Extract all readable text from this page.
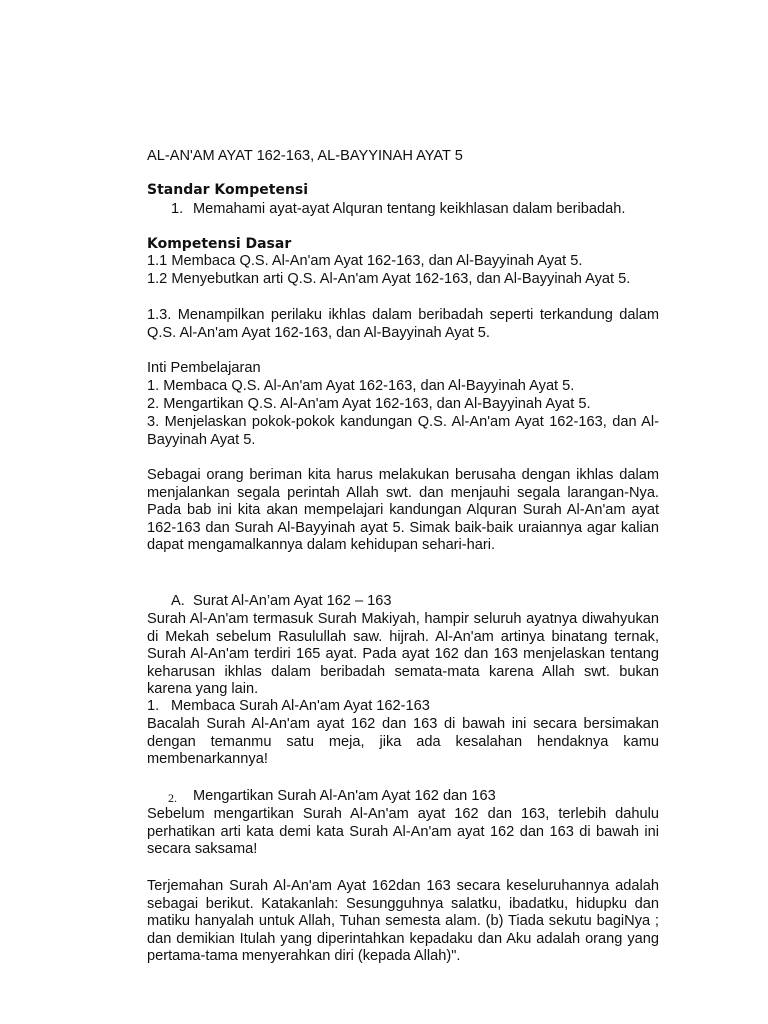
AL-AN'AM AYAT 162-163, AL-BAYYINAH AYAT 5
Standar Kompetensi
1. Memahami ayat-ayat Alquran tentang keikhlasan dalam beribadah.
Kompetensi Dasar
1.1 Membaca Q.S. Al-An'am Ayat 162-163, dan Al-Bayyinah Ayat 5.
1.2 Menyebutkan arti Q.S. Al-An'am Ayat 162-163, dan Al-Bayyinah Ayat 5.
1.3. Menampilkan perilaku ikhlas dalam beribadah seperti terkandung dalam Q.S. Al-An'am Ayat 162-163, dan Al-Bayyinah Ayat 5.
Inti Pembelajaran
1. Membaca Q.S. Al-An'am Ayat 162-163, dan Al-Bayyinah Ayat 5.
2. Mengartikan Q.S. Al-An'am Ayat 162-163, dan Al-Bayyinah Ayat 5.
3. Menjelaskan pokok-pokok kandungan Q.S. Al-An'am Ayat 162-163, dan Al-Bayyinah Ayat 5.
Sebagai orang beriman kita harus melakukan berusaha dengan ikhlas dalam menjalankan segala perintah Allah swt. dan menjauhi segala larangan-Nya. Pada bab ini kita akan mempelajari kandungan Alquran Surah Al-An'am ayat 162-163 dan Surah Al-Bayyinah ayat 5. Simak baik-baik uraiannya agar kalian dapat mengamalkannya dalam kehidupan sehari-hari.
A. Surat Al-An’am Ayat 162 – 163
Surah Al-An'am termasuk Surah Makiyah, hampir seluruh ayatnya diwahyukan di Mekah sebelum Rasulullah saw. hijrah. Al-An'am artinya binatang ternak, Surah Al-An'am terdiri 165 ayat. Pada ayat 162 dan 163 menjelaskan tentang keharusan ikhlas dalam beribadah semata-mata karena Allah swt. bukan karena yang lain.
1. Membaca Surah Al-An'am Ayat 162-163
Bacalah Surah Al-An'am ayat 162 dan 163 di bawah ini secara bersimakan dengan temanmu satu meja, jika ada kesalahan hendaknya kamu membenarkannya!
2. Mengartikan Surah Al-An'am Ayat 162 dan 163
Sebelum mengartikan Surah Al-An'am ayat 162 dan 163, terlebih dahulu perhatikan arti kata demi kata Surah Al-An'am ayat 162 dan 163 di bawah ini secara saksama!
Terjemahan Surah Al-An'am Ayat 162dan 163 secara keseluruhannya adalah sebagai berikut. Katakanlah: Sesungguhnya salatku, ibadatku, hidupku dan matiku hanyalah untuk Allah, Tuhan semesta alam. (b) Tiada sekutu bagiNya ; dan demikian Itulah yang diperintahkan kepadaku dan Aku adalah orang yang pertama-tama menyerahkan diri (kepada Allah)".
